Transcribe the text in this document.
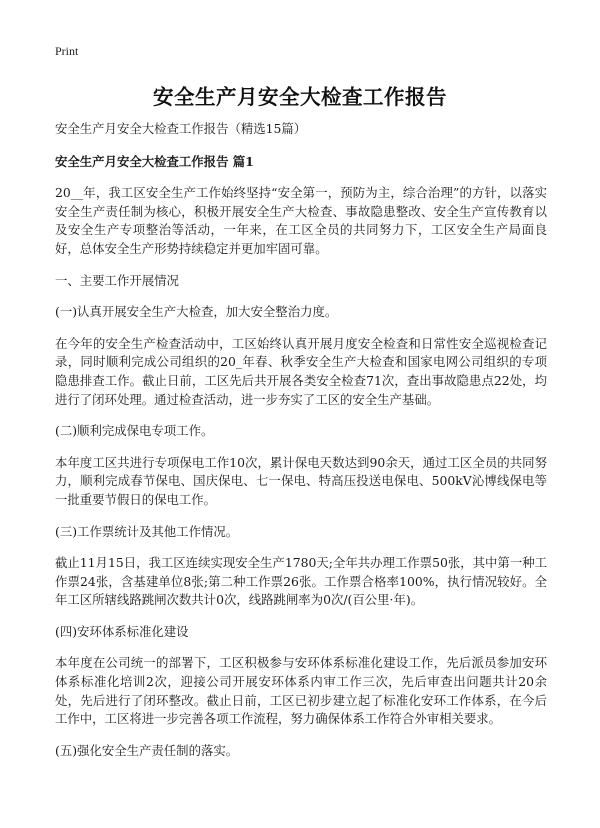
Print
安全生产月安全大检查工作报告

安全生产月安全大检查工作报告（精选15篇）

安全生产月安全大检查工作报告 篇1

20__年，我工区安全生产工作始终坚持“安全第一，预防为主，综合治理”的方针，以落实安全生产责任制为核心，积极开展安全生产大检查、事故隐患整改、安全生产宣传教育以及安全生产专项整治等活动，一年来，在工区全员的共同努力下，工区安全生产局面良好，总体安全生产形势持续稳定并更加牢固可靠。

一、主要工作开展情况

(一)认真开展安全生产大检查，加大安全整治力度。

在今年的安全生产检查活动中，工区始终认真开展月度安全检查和日常性安全巡视检查记录，同时顺利完成公司组织的20_年春、秋季安全生产大检查和国家电网公司组织的专项隐患排查工作。截止日前，工区先后共开展各类安全检查71次，查出事故隐患点22处，均进行了闭环处理。通过检查活动，进一步夯实了工区的安全生产基础。

(二)顺利完成保电专项工作。

本年度工区共进行专项保电工作10次，累计保电天数达到90余天，通过工区全员的共同努力，顺利完成春节保电、国庆保电、七一保电、特高压投送电保电、500kV沁博线保电等一批重要节假日的保电工作。

(三)工作票统计及其他工作情况。

截止11月15日，我工区连续实现安全生产1780天;全年共办理工作票50张，其中第一种工作票24张，含基建单位8张;第二种工作票26张。工作票合格率100%，执行情况较好。全年工区所辖线路跳闸次数共计0次，线路跳闸率为0次/(百公里·年)。

(四)安环体系标准化建设

本年度在公司统一的部署下，工区积极参与安环体系标准化建设工作，先后派员参加安环体系标准化培训2次，迎接公司开展安环体系内审工作三次，先后审查出问题共计20余处，先后进行了闭环整改。截止日前，工区已初步建立起了标准化安环工作体系，在今后工作中，工区将进一步完善各项工作流程，努力确保体系工作符合外审相关要求。

(五)强化安全生产责任制的落实。
